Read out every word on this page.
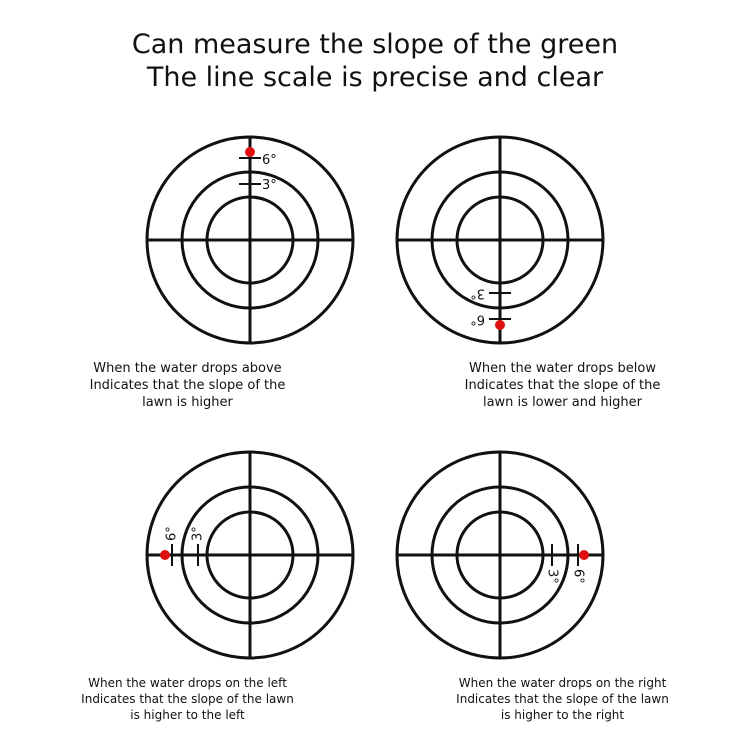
Can measure the slope of the green
The line scale is precise and clear
6°
3°
When the water drops above
Indicates that the slope of the
lawn is higher
3°
6°
When the water drops below
Indicates that the slope of the
lawn is lower and higher
6° 3°
When the water drops on the left
Indicates that the slope of the lawn
is higher to the left
3° 6°
When the water drops on the right
Indicates that the slope of the lawn
is higher to the right
